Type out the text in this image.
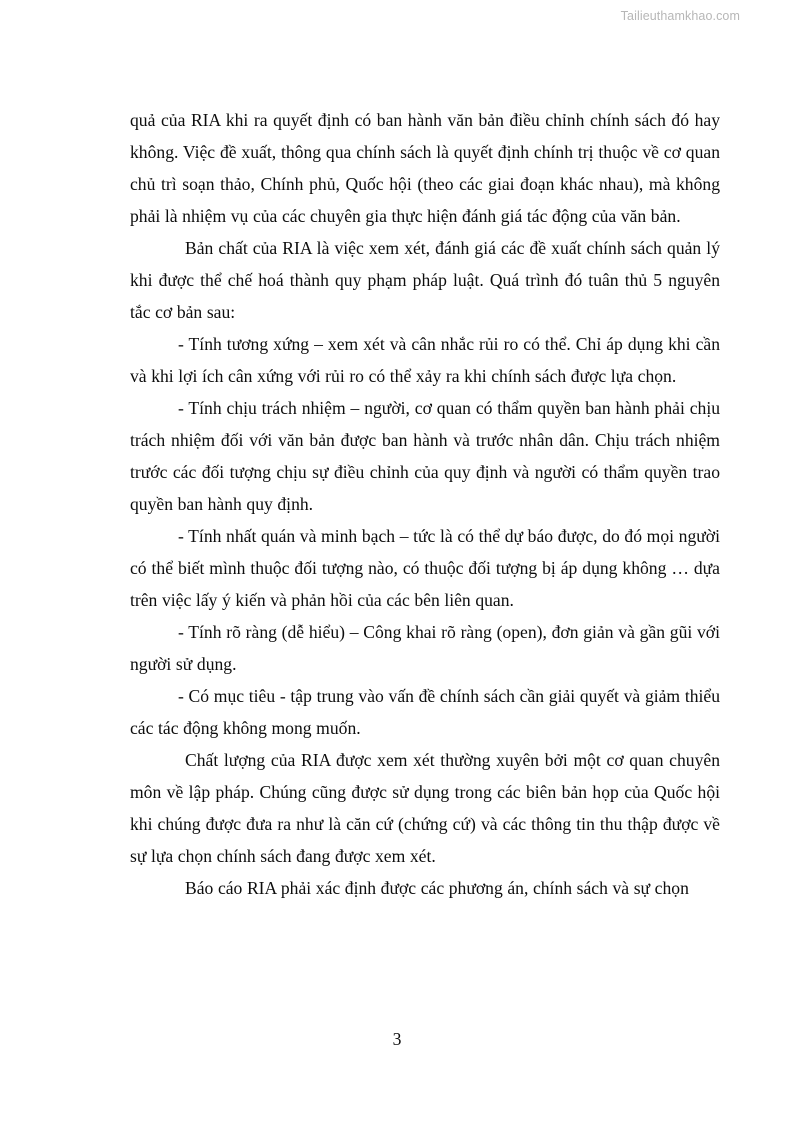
Tailieuthamkhao.com

quả của RIA khi ra quyết định có ban hành văn bản điều chỉnh chính sách đó hay không. Việc đề xuất, thông qua chính sách là quyết định chính trị thuộc về cơ quan chủ trì soạn thảo, Chính phủ, Quốc hội (theo các giai đoạn khác nhau), mà không phải là nhiệm vụ của các chuyên gia thực hiện đánh giá tác động của văn bản.

Bản chất của RIA là việc xem xét, đánh giá các đề xuất chính sách quản lý khi được thể chế hoá thành quy phạm pháp luật. Quá trình đó tuân thủ 5 nguyên tắc cơ bản sau:

- Tính tương xứng – xem xét và cân nhắc rủi ro có thể. Chỉ áp dụng khi cần và khi lợi ích cân xứng với rủi ro có thể xảy ra khi chính sách được lựa chọn.

- Tính chịu trách nhiệm – người, cơ quan có thẩm quyền ban hành phải chịu trách nhiệm đối với văn bản được ban hành và trước nhân dân. Chịu trách nhiệm trước các đối tượng chịu sự điều chỉnh của quy định và người có thẩm quyền trao quyền ban hành quy định.

- Tính nhất quán và minh bạch – tức là có thể dự báo được, do đó mọi người có thể biết mình thuộc đối tượng nào, có thuộc đối tượng bị áp dụng không … dựa trên việc lấy ý kiến và phản hồi của các bên liên quan.

- Tính rõ ràng (dễ hiểu) – Công khai rõ ràng (open), đơn giản và gần gũi với người sử dụng.

- Có mục tiêu - tập trung vào vấn đề chính sách cần giải quyết và giảm thiểu các tác động không mong muốn.

Chất lượng của RIA được xem xét thường xuyên bởi một cơ quan chuyên môn về lập pháp. Chúng cũng được sử dụng trong các biên bản họp của Quốc hội khi chúng được đưa ra như là căn cứ (chứng cứ) và các thông tin thu thập được về sự lựa chọn chính sách đang được xem xét.

Báo cáo RIA phải xác định được các phương án, chính sách và sự chọn

3
